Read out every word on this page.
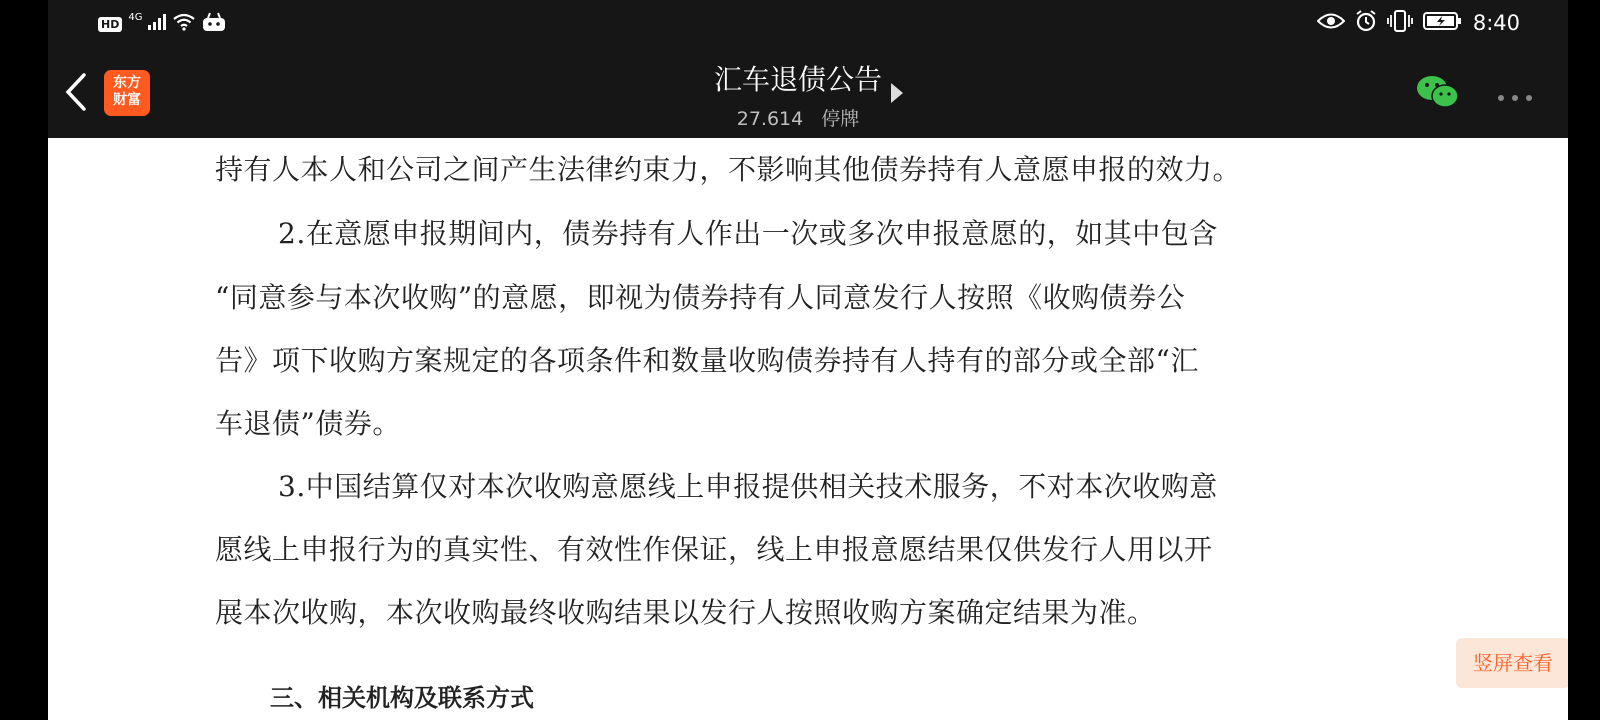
HD
4G	8:40
东方
财富
汇车退债公告
27.614 停牌
持有人本人和公司之间产生法律约束力，不影响其他债券持有人意愿申报的效力。
2.在意愿申报期间内，债券持有人作出一次或多次申报意愿的，如其中包含
“同意参与本次收购”的意愿，即视为债券持有人同意发行人按照《收购债券公
告》项下收购方案规定的各项条件和数量收购债券持有人持有的部分或全部“汇
车退债”债券。
3.中国结算仅对本次收购意愿线上申报提供相关技术服务，不对本次收购意
愿线上申报行为的真实性、有效性作保证，线上申报意愿结果仅供发行人用以开
展本次收购，本次收购最终收购结果以发行人按照收购方案确定结果为准。
三、相关机构及联系方式
竖屏查看
